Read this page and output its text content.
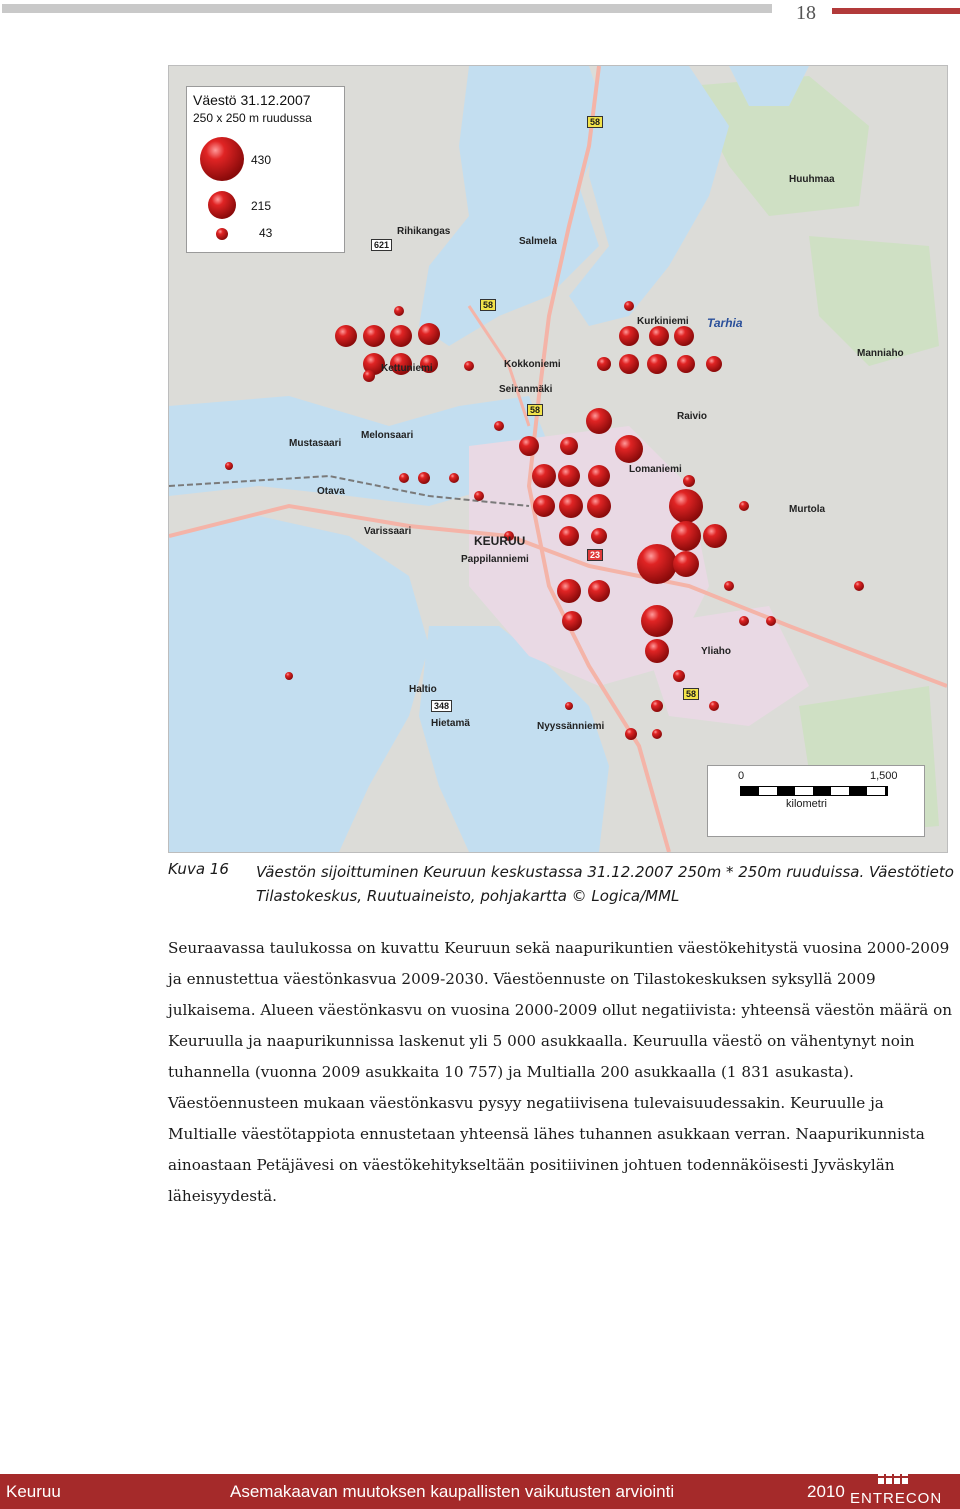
18
Väestö 31.12.2007
250 x 250 m ruudussa
430
215
43
0	1,500
kilometri
KEURUU
Kurkiniemi Tarhia
Kettuniemi
Seiranmäki
Melonsaari
Mustasaari
Otava
Varissaari
Pappilanniemi
Lomaniemi
Nyyssänniemi
Yliaho
Kokkoniemi
Hietamä
Haltio
Manniaho
Raivio
Murtola
Huuhmaa
Salmela
Rihikangas
58
621
58
58
23
348
58
Kuva 16 Väestön sijoittuminen Keuruun keskustassa 31.12.2007 250m * 250m ruuduissa. Väestötieto Tilastokeskus, Ruutuaineisto, pohjakartta © Logica/MML
Seuraavassa taulukossa on kuvattu Keuruun sekä naapurikuntien väestökehitystä vuosina 2000-2009 ja ennustettua väestönkasvua 2009-2030. Väestöennuste on Tilastokeskuksen syksyllä 2009 julkaisema. Alueen väestönkasvu on vuosina 2000-2009 ollut negatiivista: yhteensä väestön määrä on Keuruulla ja naapurikunnissa laskenut yli 5 000 asukkaalla. Keuruulla väestö on vähentynyt noin tuhannella (vuonna 2009 asukkaita 10 757) ja Multialla 200 asukkaalla (1 831 asukasta). Väestöennusteen mukaan väestönkasvu pysyy negatiivisena tulevaisuudessakin. Keuruulle ja Multialle väestötappiota ennustetaan yhteensä lähes tuhannen asukkaan verran. Naapurikunnista ainoastaan Petäjävesi on väestökehitykseltään positiivinen johtuen todennäköisesti Jyväskylän läheisyydestä.
Keuruu	Asemakaavan muutoksen kaupallisten vaikutusten arviointi	2010 ENTRECON
